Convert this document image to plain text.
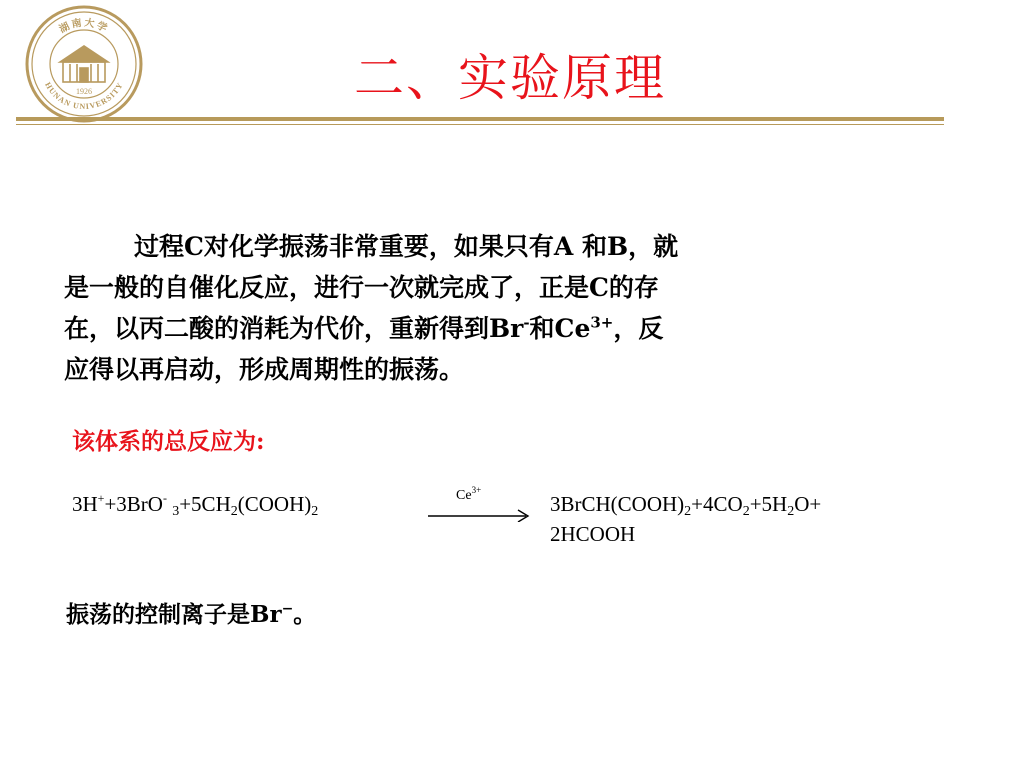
湖南大学
HUNAN UNIVERSITY
1926	二、实验原理
过程C对化学振荡非常重要，如果只有A 和B，就
是一般的自催化反应，进行一次就完成了，正是C的存
在，以丙二酸的消耗为代价，重新得到Br-和$Ce^{3+}$，反
应得以再启动，形成周期性的振荡。
该体系的总反应为:
3H++3BrO- $_3+5CH_2(COOH)_2$
$Ce^{3+}$
$3BrCH(COOH)_2+4CO_2+5H_2O+$
2HCOOH
振荡的控制离子是Br−。
